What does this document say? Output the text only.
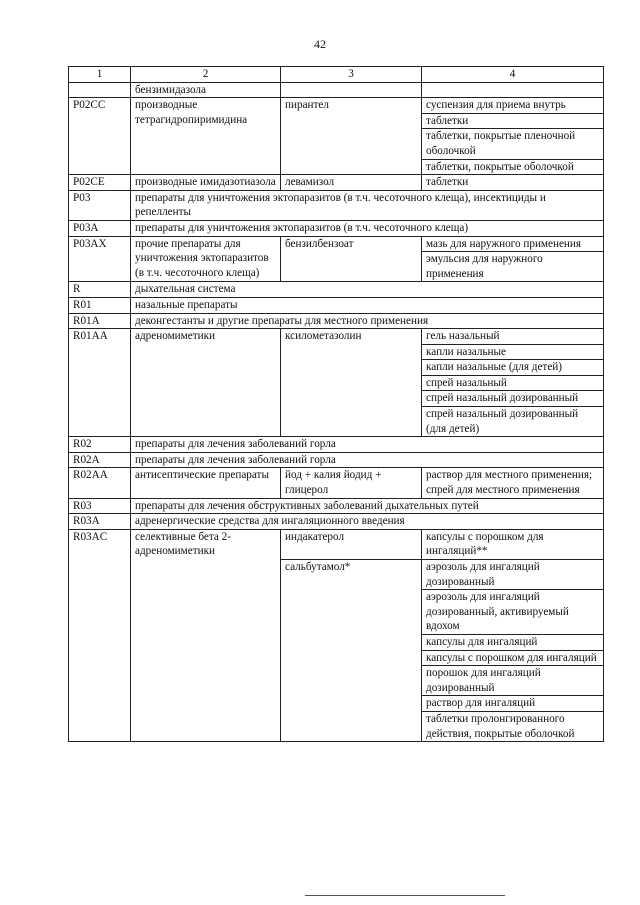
42
1	2	3	4
	бензимидазола		
P02CC	производные тетрагидропиримидина	пирантел	суспензия для приема внутрь
			таблетки
			таблетки, покрытые пленочной оболочкой
			таблетки, покрытые оболочкой
P02CE	производные имидазотиазола	левамизол	таблетки
P03	препараты для уничтожения эктопаразитов (в т.ч. чесоточного клеща), инсектициды и репелленты		
P03A	препараты для уничтожения эктопаразитов (в т.ч. чесоточного клеща)		
P03AX	прочие препараты для уничтожения эктопаразитов (в т.ч. чесоточного клеща)	бензилбензоат	мазь для наружного применения
			эмульсия для наружного применения
R	дыхательная система		
R01	назальные препараты		
R01A	деконгестанты и другие препараты для местного применения		
R01AA	адреномиметики	ксилометазолин	гель назальный
			капли назальные
			капли назальные (для детей)
			спрей назальный
			спрей назальный дозированный
			спрей назальный дозированный (для детей)
R02	препараты для лечения заболеваний горла		
R02A	препараты для лечения заболеваний горла		
R02AA	антисептические препараты	йод + калия йодид + глицерол	раствор для местного применения; спрей для местного применения
R03	препараты для лечения обструктивных заболеваний дыхательных путей		
R03A	адренергические средства для ингаляционного введения		
R03AC	селективные бета 2-адреномиметики	индакатерол	капсулы с порошком для ингаляций**
		сальбутамол*	аэрозоль для ингаляций дозированный
			аэрозоль для ингаляций дозированный, активируемый вдохом
			капсулы для ингаляций
			капсулы с порошком для ингаляций
			порошок для ингаляций дозированный
			раствор для ингаляций
			таблетки пролонгированного действия, покрытые оболочкой
